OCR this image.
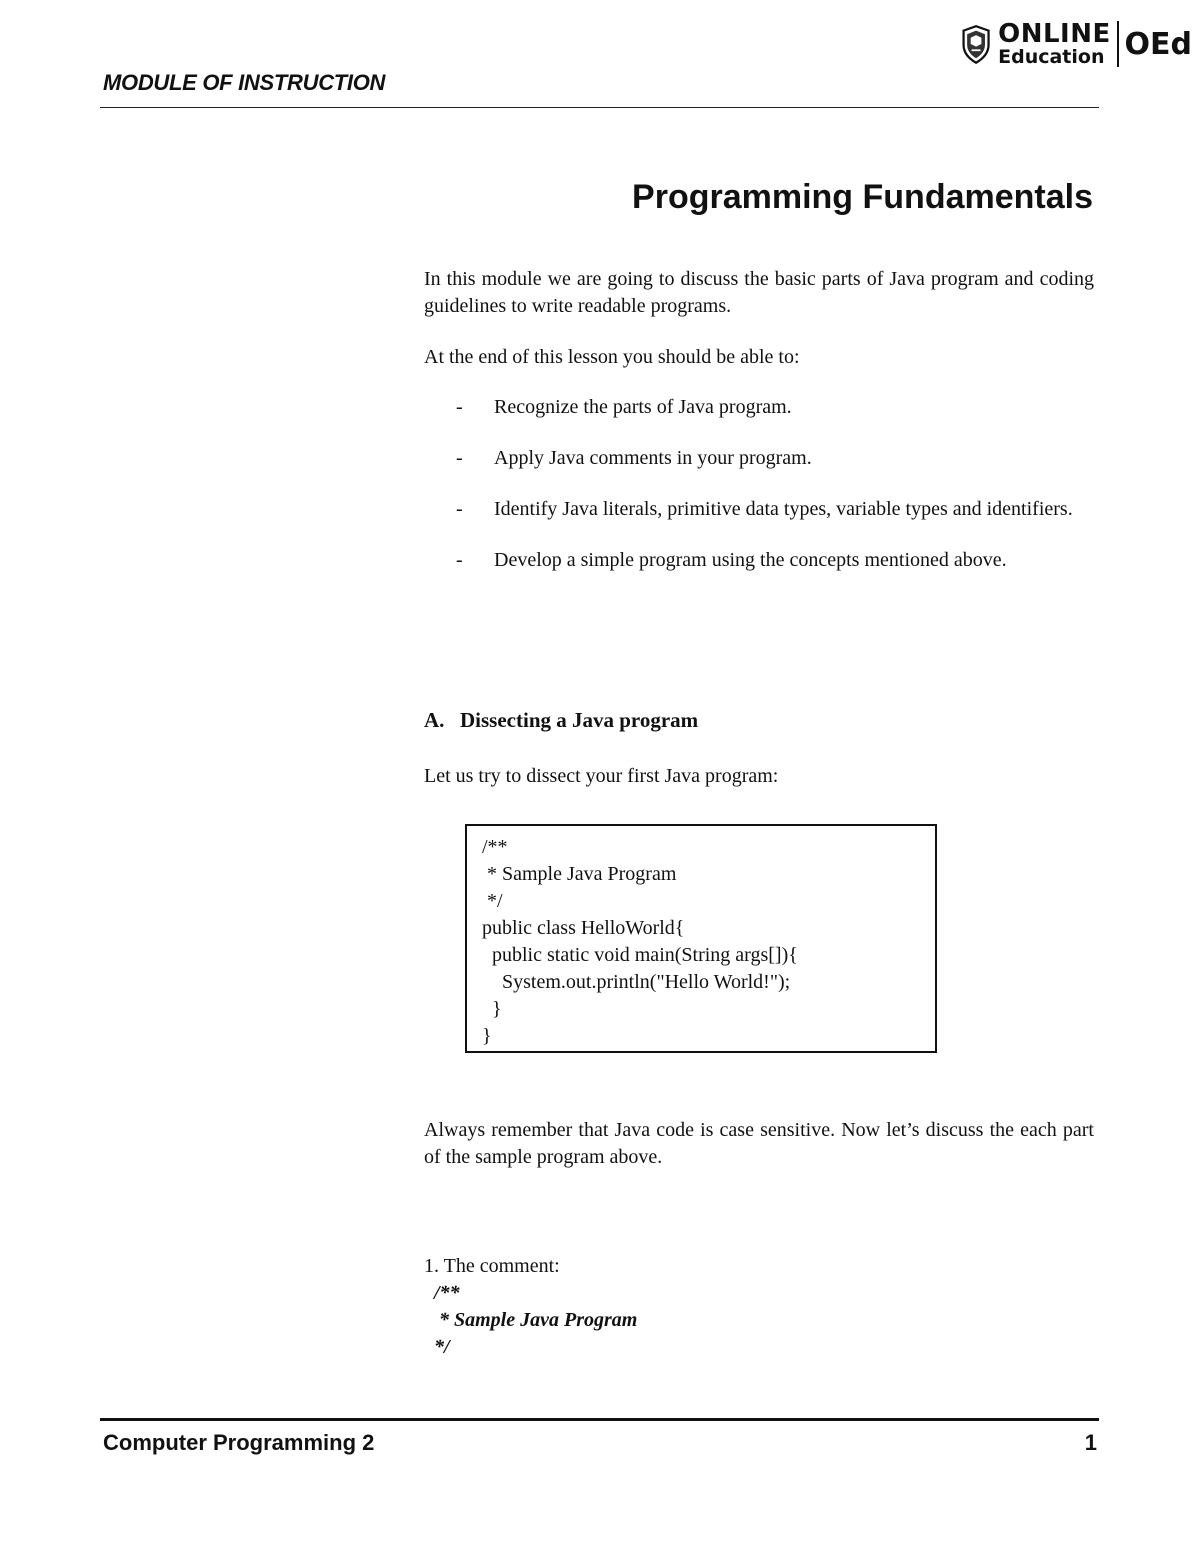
MODULE OF INSTRUCTION
ONLINE
Education OEd
Programming Fundamentals
In this module we are going to discuss the basic parts of Java program and coding guidelines to write readable programs.
At the end of this lesson you should be able to:
- Recognize the parts of Java program.
- Apply Java comments in your program.
- Identify Java literals, primitive data types, variable types and identifiers.
- Develop a simple program using the concepts mentioned above.
A. Dissecting a Java program
Let us try to dissect your first Java program:
/**
* Sample Java Program
*/
public class HelloWorld{
public static void main(String args[]){
System.out.println("Hello World!");
}
}
Always remember that Java code is case sensitive. Now let’s discuss the each part of the sample program above.
1. The comment:
/**
* Sample Java Program
*/
Computer Programming 2	1
